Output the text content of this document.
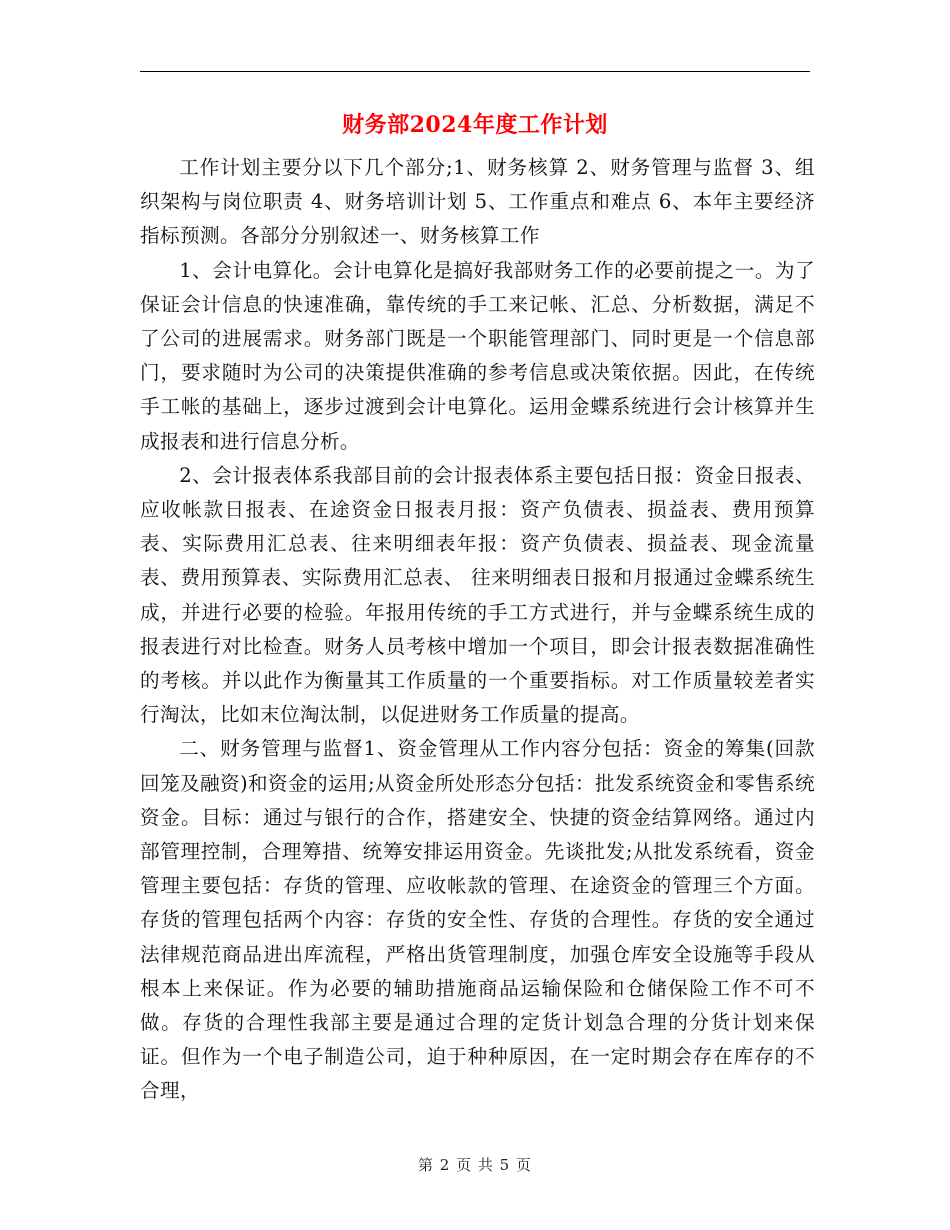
财务部2024年度工作计划

工作计划主要分以下几个部分;1、财务核算 2、财务管理与监督 3、组织架构与岗位职责 4、财务培训计划 5、工作重点和难点 6、本年主要经济指标预测。各部分分别叙述一、财务核算工作

1、会计电算化。会计电算化是搞好我部财务工作的必要前提之一。为了保证会计信息的快速准确，靠传统的手工来记帐、汇总、分析数据，满足不了公司的进展需求。财务部门既是一个职能管理部门、同时更是一个信息部门，要求随时为公司的决策提供准确的参考信息或决策依据。因此，在传统手工帐的基础上，逐步过渡到会计电算化。运用金蝶系统进行会计核算并生成报表和进行信息分析。

2、会计报表体系我部目前的会计报表体系主要包括日报：资金日报表、应收帐款日报表、在途资金日报表月报：资产负债表、损益表、费用预算表、实际费用汇总表、往来明细表年报：资产负债表、损益表、现金流量表、费用预算表、实际费用汇总表、 往来明细表日报和月报通过金蝶系统生成，并进行必要的检验。年报用传统的手工方式进行，并与金蝶系统生成的报表进行对比检查。财务人员考核中增加一个项目，即会计报表数据准确性的考核。并以此作为衡量其工作质量的一个重要指标。对工作质量较差者实行淘汰，比如末位淘汰制，以促进财务工作质量的提高。

二、财务管理与监督1、资金管理从工作内容分包括：资金的筹集(回款回笼及融资)和资金的运用;从资金所处形态分包括：批发系统资金和零售系统资金。目标：通过与银行的合作，搭建安全、快捷的资金结算网络。通过内部管理控制，合理筹措、统筹安排运用资金。先谈批发;从批发系统看，资金管理主要包括：存货的管理、应收帐款的管理、在途资金的管理三个方面。存货的管理包括两个内容：存货的安全性、存货的合理性。存货的安全通过法律规范商品进出库流程，严格出货管理制度，加强仓库安全设施等手段从根本上来保证。作为必要的辅助措施商品运输保险和仓储保险工作不可不做。存货的合理性我部主要是通过合理的定货计划急合理的分货计划来保证。但作为一个电子制造公司，迫于种种原因，在一定时期会存在库存的不合理，

第 2 页 共 5 页
